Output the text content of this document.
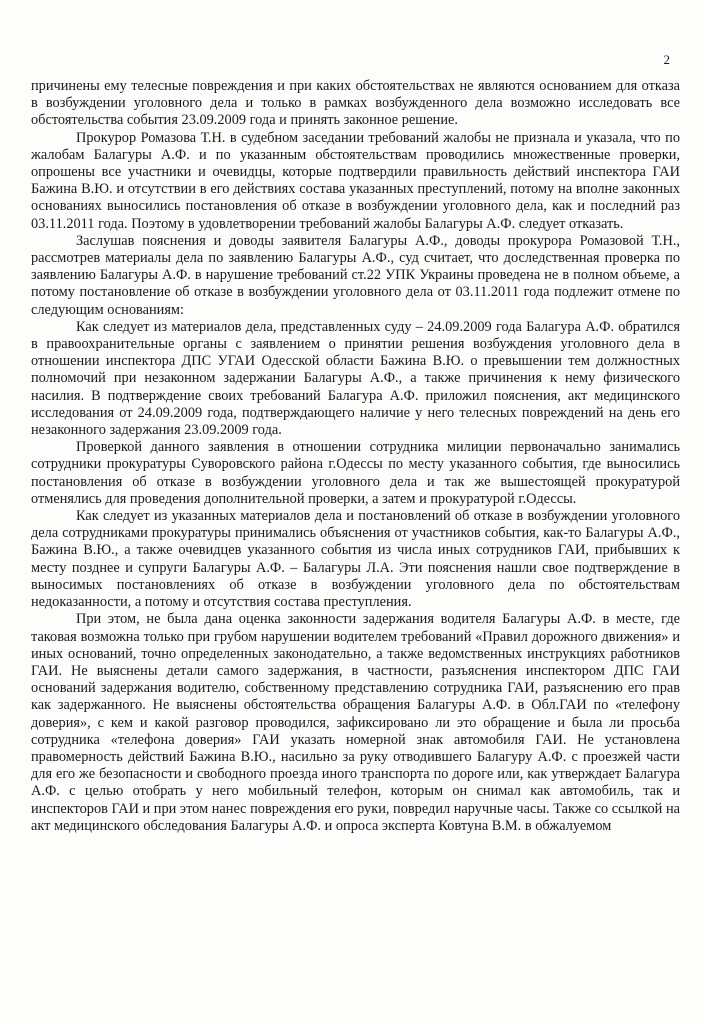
2

причинены ему телесные повреждения и при каких обстоятельствах не являются основанием для отказа в возбуждении уголовного дела и только в рамках возбужденного дела возможно исследовать все обстоятельства события 23.09.2009 года и принять законное решение.

Прокурор Ромазова Т.Н. в судебном заседании требований жалобы не признала и указала, что по жалобам Балагуры А.Ф. и по указанным обстоятельствам проводились множественные проверки, опрошены все участники и очевидцы, которые подтвердили правильность действий инспектора ГАИ Бажина В.Ю. и отсутствии в его действиях состава указанных преступлений, потому на вполне законных основаниях выносились постановления об отказе в возбуждении уголовного дела, как и последний раз 03.11.2011 года. Поэтому в удовлетворении требований жалобы Балагуры А.Ф. следует отказать.

Заслушав пояснения и доводы заявителя Балагуры А.Ф., доводы прокурора Ромазовой Т.Н., рассмотрев материалы дела по заявлению Балагуры А.Ф., суд считает, что доследственная проверка по заявлению Балагуры А.Ф. в нарушение требований ст.22 УПК Украины проведена не в полном объеме, а потому постановление об отказе в возбуждении уголовного дела от 03.11.2011 года подлежит отмене по следующим основаниям:

Как следует из материалов дела, представленных суду – 24.09.2009 года Балагура А.Ф. обратился в правоохранительные органы с заявлением о принятии решения возбуждения уголовного дела в отношении инспектора ДПС УГАИ Одесской области Бажина В.Ю. о превышении тем должностных полномочий при незаконном задержании Балагуры А.Ф., а также причинения к нему физического насилия. В подтверждение своих требований Балагура А.Ф. приложил пояснения, акт медицинского исследования от 24.09.2009 года, подтверждающего наличие у него телесных повреждений на день его незаконного задержания 23.09.2009 года.

Проверкой данного заявления в отношении сотрудника милиции первоначально занимались сотрудники прокуратуры Суворовского района г.Одессы по месту указанного события, где выносились постановления об отказе в возбуждении уголовного дела и так же вышестоящей прокуратурой отменялись для проведения дополнительной проверки, а затем и прокуратурой г.Одессы.

Как следует из указанных материалов дела и постановлений об отказе в возбуждении уголовного дела сотрудниками прокуратуры принимались объяснения от участников события, как-то Балагуры А.Ф., Бажина В.Ю., а также очевидцев указанного события из числа иных сотрудников ГАИ, прибывших к месту позднее и супруги Балагуры А.Ф. – Балагуры Л.А. Эти пояснения нашли свое подтверждение в выносимых постановлениях об отказе в возбуждении уголовного дела по обстоятельствам недоказанности, а потому и отсутствия состава преступления.

При этом, не была дана оценка законности задержания водителя Балагуры А.Ф. в месте, где таковая возможна только при грубом нарушении водителем требований «Правил дорожного движения» и иных оснований, точно определенных законодательно, а также ведомственных инструкциях работников ГАИ. Не выяснены детали самого задержания, в частности, разъяснения инспектором ДПС ГАИ оснований задержания водителю, собственному представлению сотрудника ГАИ, разъяснению его прав как задержанного. Не выяснены обстоятельства обращения Балагуры А.Ф. в Обл.ГАИ по «телефону доверия», с кем и какой разговор проводился, зафиксировано ли это обращение и была ли просьба сотрудника «телефона доверия» ГАИ указать номерной знак автомобиля ГАИ. Не установлена правомерность действий Бажина В.Ю., насильно за руку отводившего Балагуру А.Ф. с проезжей части для его же безопасности и свободного проезда иного транспорта по дороге или, как утверждает Балагура А.Ф. с целью отобрать у него мобильный телефон, которым он снимал как автомобиль, так и инспекторов ГАИ и при этом нанес повреждения его руки, повредил наручные часы. Также со ссылкой на акт медицинского обследования Балагуры А.Ф. и опроса эксперта Ковтуна В.М. в обжалуемом
